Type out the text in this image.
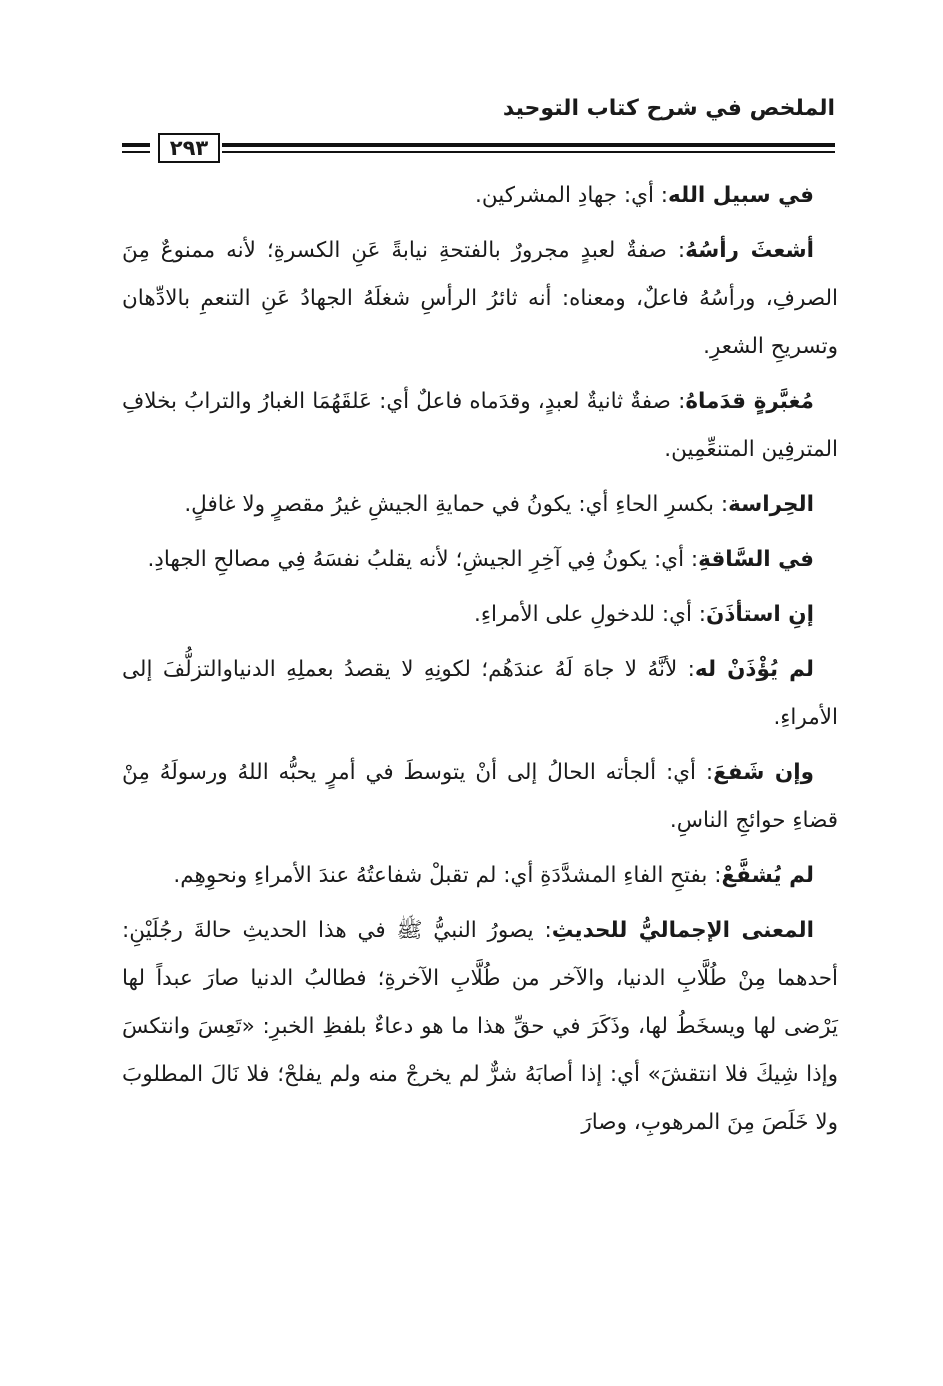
الملخص في شرح كتاب التوحيد
٢٩٣

في سبيل الله: أي: جهادِ المشركين.

أشعثَ رأسُهُ: صفةٌ لعبدٍ مجرورٌ بالفتحةِ نيابةً عَنِ الكسرةِ؛ لأنه ممنوعٌ مِنَ الصرفِ، ورأسُهُ فاعلٌ، ومعناه: أنه ثائرُ الرأسِ شغلَهُ الجهادُ عَنِ التنعمِ بالادِّهان وتسريحِ الشعرِ.

مُغبَّرةٍ قدَماهُ: صفةٌ ثانيةٌ لعبدٍ، وقدَماه فاعلٌ أي: عَلقَهُمَا الغبارُ والترابُ بخلافِ المترفِين المتنعِّمِين.

الحِراسة: بكسرِ الحاءِ أي: يكونُ في حمايةِ الجيشِ غيرُ مقصرٍ ولا غافلٍ.

في السَّاقةِ: أي: يكونُ فِي آخِرِ الجيشِ؛ لأنه يقلبُ نفسَهُ فِي مصالحِ الجهادِ.

إنِ استأذَنَ: أي: للدخولِ على الأمراءِ.

لم يُؤْذَنْ له: لأنَّهُ لا جاهَ لَهُ عندَهُم؛ لكونِهِ لا يقصدُ بعملِهِ الدنياوالتزلُّفَ إلى الأمراءِ.

وإن شَفعَ: أي: ألجأته الحالُ إلى أنْ يتوسطَ في أمرٍ يحبُّه اللهُ ورسولَهُ مِنْ قضاءِ حوائجِ الناسِ.

لم يُشفَّعْ: بفتحِ الفاءِ المشدَّدَةِ أي: لم تقبلْ شفاعتُهُ عندَ الأمراءِ ونحوِهِم.

المعنى الإجماليُّ للحديثِ: يصورُ النبيُّ ﷺ في هذا الحديثِ حالةَ رجُلَيْنِ: أحدهما مِنْ طُلَّابِ الدنيا، والآخر من طُلَّابِ الآخرةِ؛ فطالبُ الدنيا صارَ عبداً لها يَرْضى لها ويسخَطُ لها، وذَكَرَ في حقِّ هذا ما هو دعاءٌ بلفظِ الخبرِ: «تَعِسَ وانتكسَ وإذا شِيكَ فلا انتقشَ» أي: إذا أصابَهُ شرٌّ لم يخرجْ منه ولم يفلحْ؛ فلا نَالَ المطلوبَ ولا خَلَصَ مِنَ المرهوبِ، وصارَ
